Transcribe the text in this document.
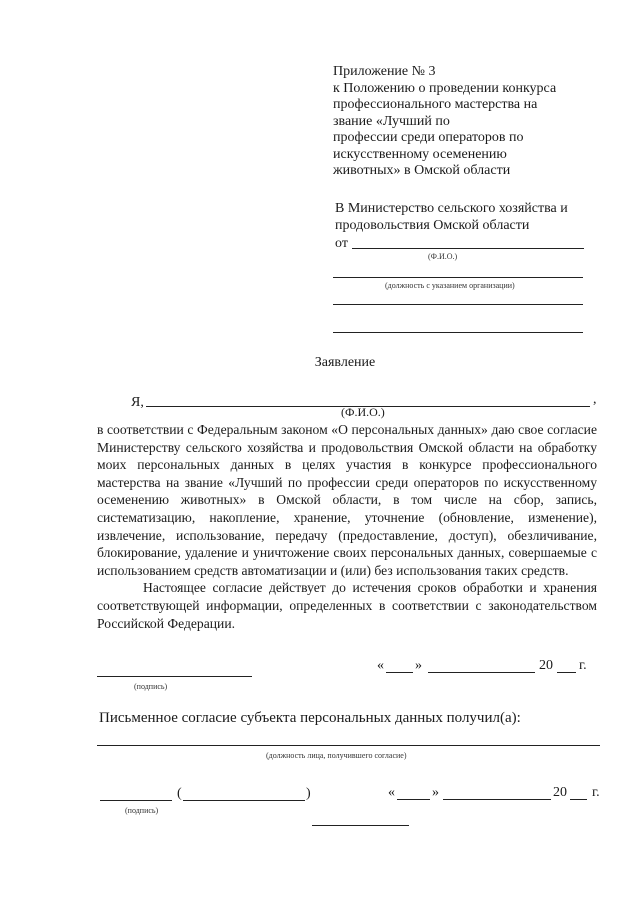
Приложение № 3
к Положению о проведении конкурса
профессионального мастерства на
звание «Лучший по
профессии среди операторов по
искусственному осеменению
животных» в Омской области
В Министерство сельского хозяйства и
продовольствия Омской области
от
(Ф.И.О.)
(должность с указанием организации)
Заявление
Я,	,
(Ф.И.О.)

в соответствии с Федеральным законом «О персональных данных» даю свое согласие Министерству сельского хозяйства и продовольствия Омской области на обработку моих персональных данных в целях участия в конкурсе профессионального мастерства на звание «Лучший по профессии среди операторов по искусственному осеменению животных» в Омской области, в том числе на сбор, запись, систематизацию, накопление, хранение, уточнение (обновление, изменение), извлечение, использование, передачу (предоставление, доступ), обезличивание, блокирование, удаление и уничтожение своих персональных данных, совершаемые с использованием средств автоматизации и (или) без использования таких средств.

Настоящее согласие действует до истечения сроков обработки и хранения соответствующей информации, определенных в соответствии с законодательством Российской Федерации.

(подпись)
« »	20 г.
Письменное согласие субъекта персональных данных получил(а):
(должность лица, получившего согласие)
(	)
(подпись)
«	»	20 г.
